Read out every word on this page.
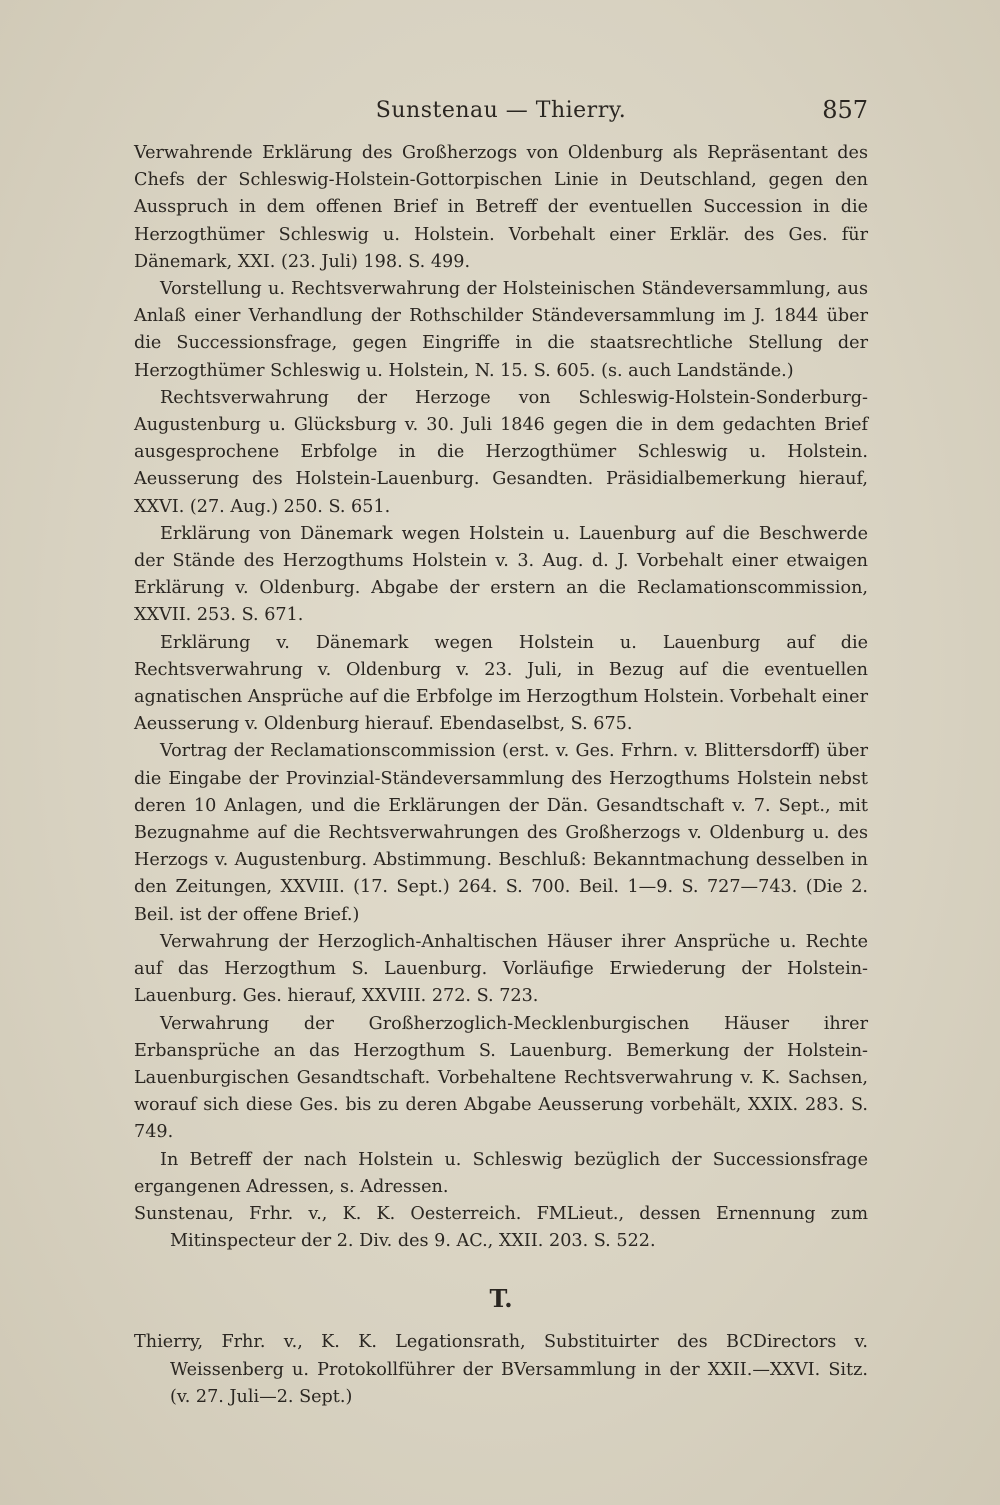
Sunstenau — Thierry.	857

Verwahrende Erklärung des Großherzogs von Oldenburg als Repräsentant des Chefs der Schleswig-Holstein-Gottorpischen Linie in Deutschland, gegen den Ausspruch in dem offenen Brief in Betreff der eventuellen Succession in die Herzogthümer Schleswig u. Holstein. Vorbehalt einer Erklär. des Ges. für Dänemark, XXI. (23. Juli) 198. S. 499.

Vorstellung u. Rechtsverwahrung der Holsteinischen Ständeversammlung, aus Anlaß einer Verhandlung der Rothschilder Ständeversammlung im J. 1844 über die Successionsfrage, gegen Eingriffe in die staatsrechtliche Stellung der Herzogthümer Schleswig u. Holstein, N. 15. S. 605. (s. auch Landstände.)

Rechtsverwahrung der Herzoge von Schleswig-Holstein-Sonderburg-Augustenburg u. Glücksburg v. 30. Juli 1846 gegen die in dem gedachten Brief ausgesprochene Erbfolge in die Herzogthümer Schleswig u. Holstein. Aeusserung des Holstein-Lauenburg. Gesandten. Präsidialbemerkung hierauf, XXVI. (27. Aug.) 250. S. 651.

Erklärung von Dänemark wegen Holstein u. Lauenburg auf die Beschwerde der Stände des Herzogthums Holstein v. 3. Aug. d. J. Vorbehalt einer etwaigen Erklärung v. Oldenburg. Abgabe der erstern an die Reclamationscommission, XXVII. 253. S. 671.

Erklärung v. Dänemark wegen Holstein u. Lauenburg auf die Rechtsverwahrung v. Oldenburg v. 23. Juli, in Bezug auf die eventuellen agnatischen Ansprüche auf die Erbfolge im Herzogthum Holstein. Vorbehalt einer Aeusserung v. Oldenburg hierauf. Ebendaselbst, S. 675.

Vortrag der Reclamationscommission (erst. v. Ges. Frhrn. v. Blittersdorff) über die Eingabe der Provinzial-Ständeversammlung des Herzogthums Holstein nebst deren 10 Anlagen, und die Erklärungen der Dän. Gesandtschaft v. 7. Sept., mit Bezugnahme auf die Rechtsverwahrungen des Großherzogs v. Oldenburg u. des Herzogs v. Augustenburg. Abstimmung. Beschluß: Bekanntmachung desselben in den Zeitungen, XXVIII. (17. Sept.) 264. S. 700. Beil. 1—9. S. 727—743. (Die 2. Beil. ist der offene Brief.)

Verwahrung der Herzoglich-Anhaltischen Häuser ihrer Ansprüche u. Rechte auf das Herzogthum S. Lauenburg. Vorläufige Erwiederung der Holstein-Lauenburg. Ges. hierauf, XXVIII. 272. S. 723.

Verwahrung der Großherzoglich-Mecklenburgischen Häuser ihrer Erbansprüche an das Herzogthum S. Lauenburg. Bemerkung der Holstein-Lauenburgischen Gesandtschaft. Vorbehaltene Rechtsverwahrung v. K. Sachsen, worauf sich diese Ges. bis zu deren Abgabe Aeusserung vorbehält, XXIX. 283. S. 749.

In Betreff der nach Holstein u. Schleswig bezüglich der Successionsfrage ergangenen Adressen, s. Adressen.

Sunstenau, Frhr. v., K. K. Oesterreich. FMLieut., dessen Ernennung zum Mitinspecteur der 2. Div. des 9. AC., XXII. 203. S. 522.

T.

Thierry, Frhr. v., K. K. Legationsrath, Substituirter des BCDirectors v. Weissenberg u. Protokollführer der BVersammlung in der XXII.—XXVI. Sitz. (v. 27. Juli—2. Sept.)
